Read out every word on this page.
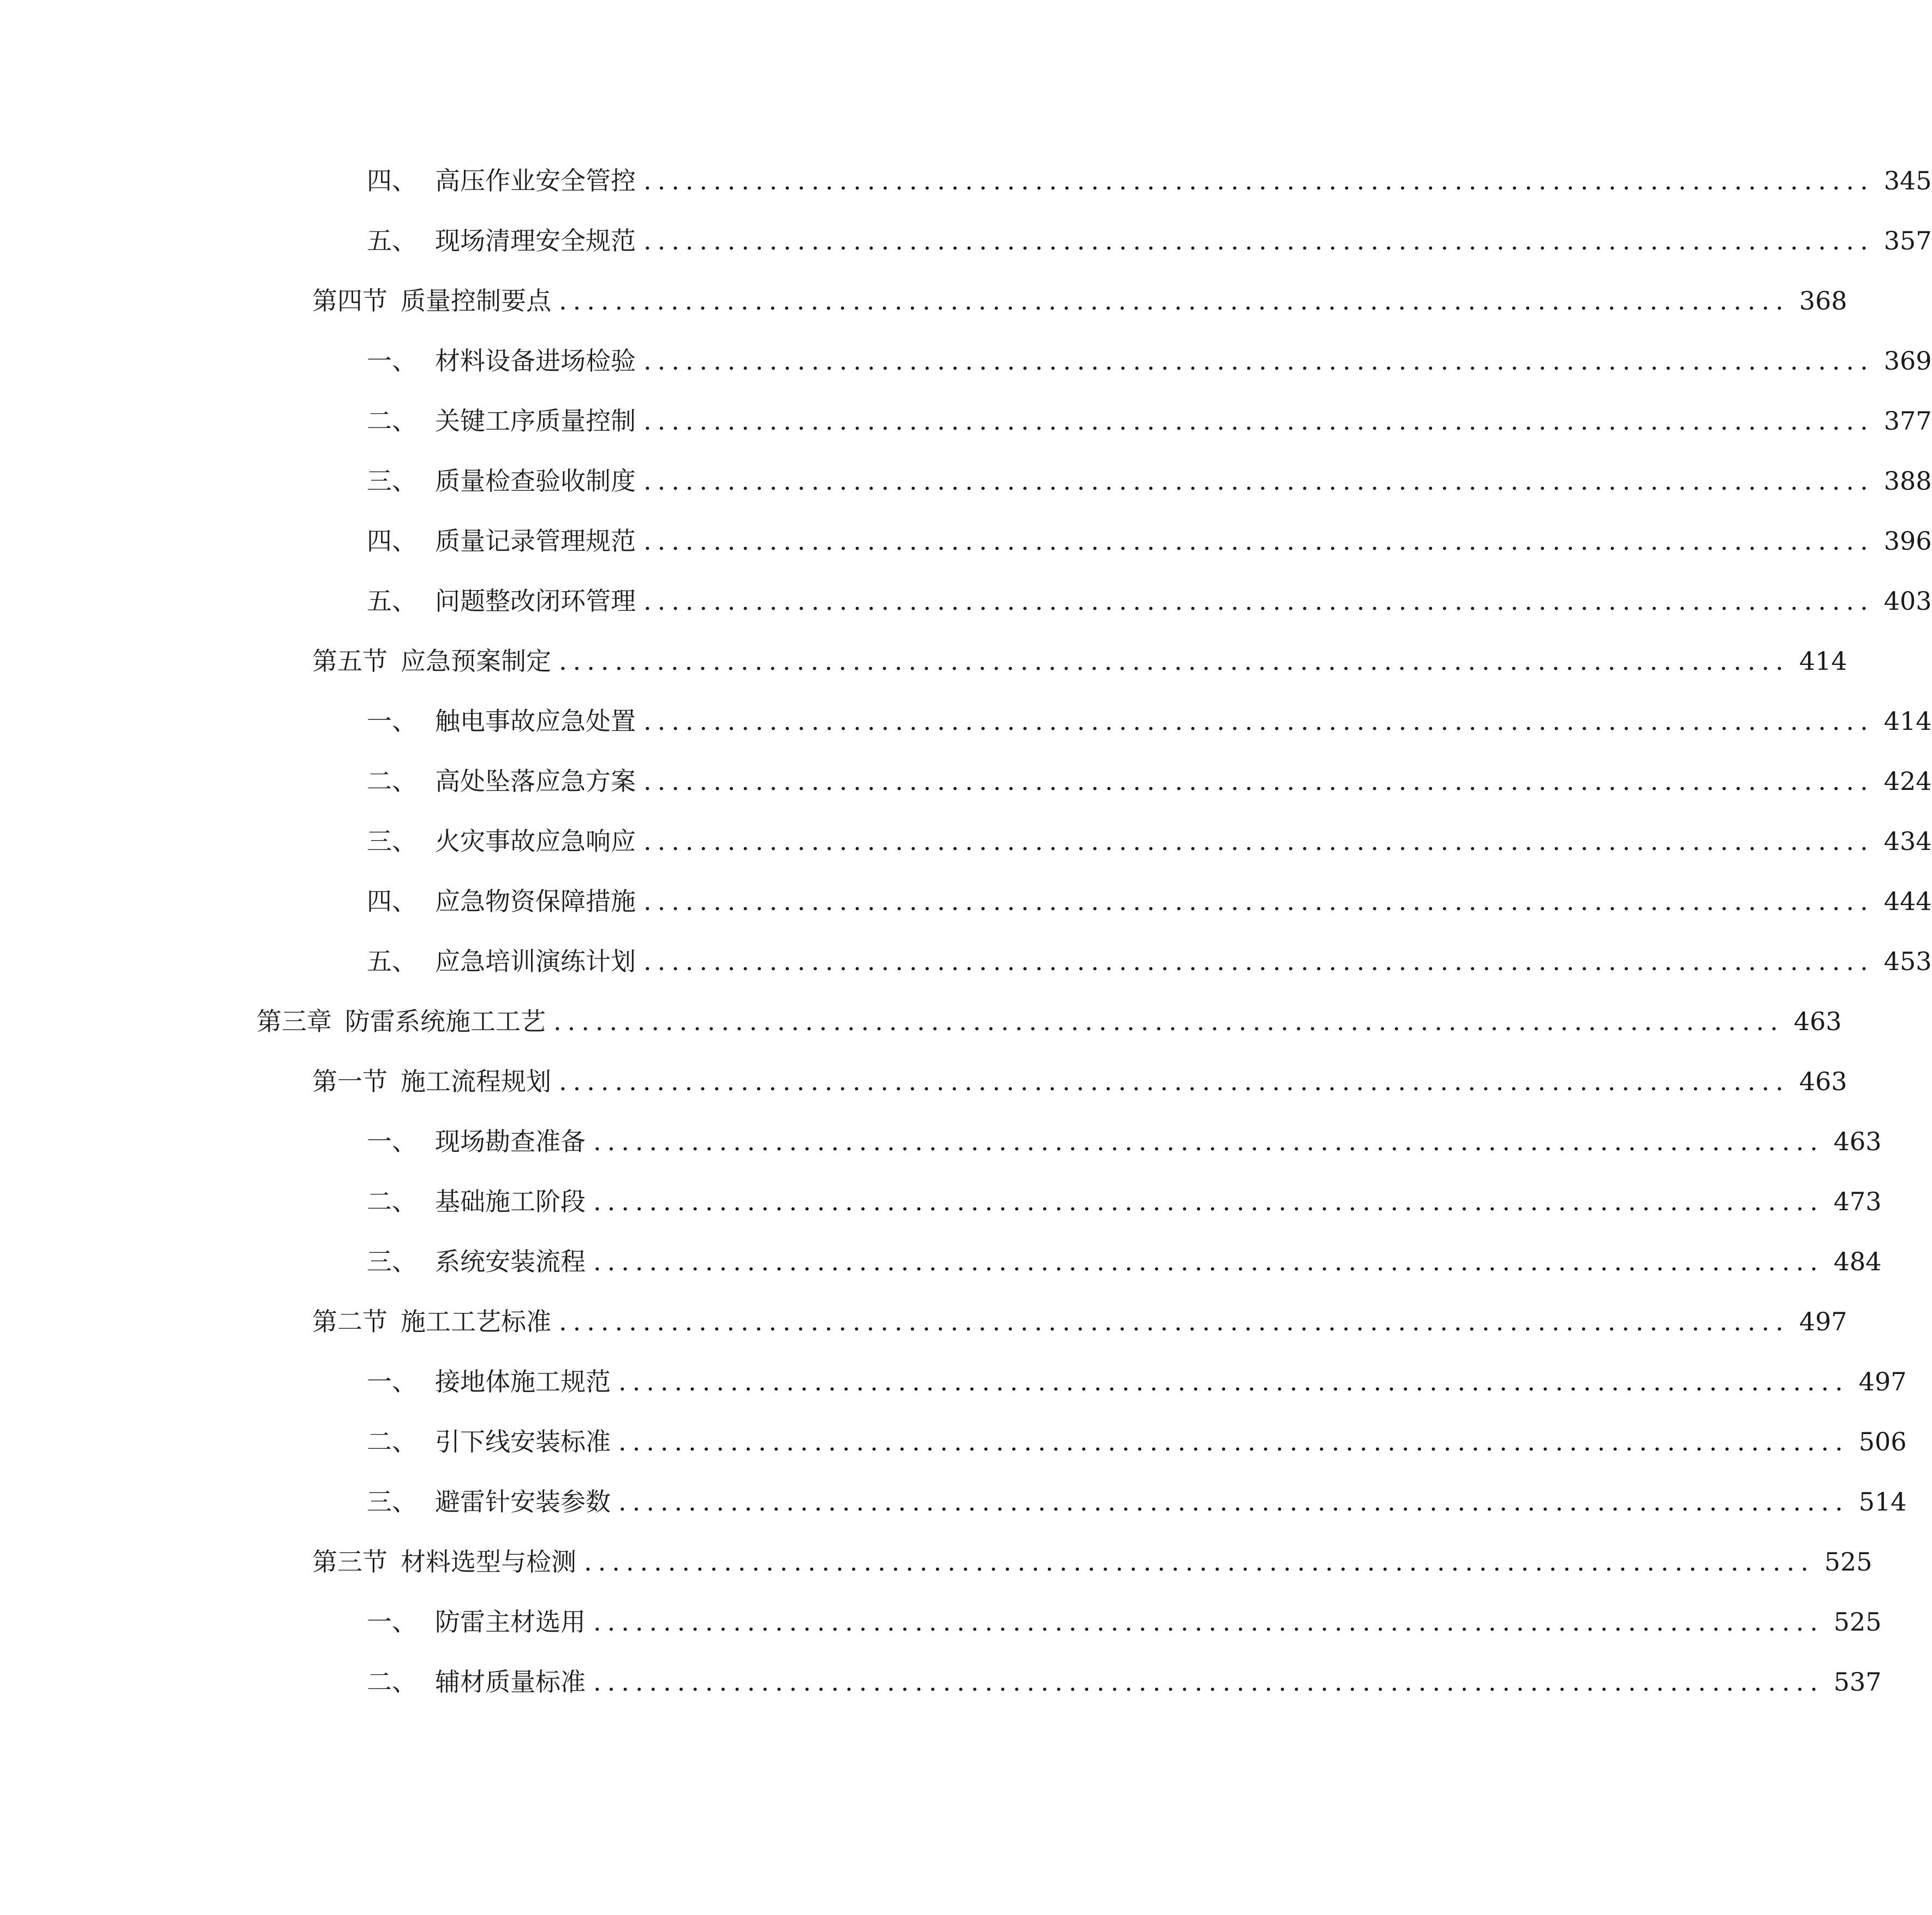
四、 高压作业安全管控 ........................................................................................ 345
五、 现场清理安全规范 ........................................................................................ 357
第四节 质量控制要点 ........................................................................................ 368
一、 材料设备进场检验 ........................................................................................ 369
二、 关键工序质量控制 ........................................................................................ 377
三、 质量检查验收制度 ........................................................................................ 388
四、 质量记录管理规范 ........................................................................................ 396
五、 问题整改闭环管理 ........................................................................................ 403
第五节 应急预案制定 ........................................................................................ 414
一、 触电事故应急处置 ........................................................................................ 414
二、 高处坠落应急方案 ........................................................................................ 424
三、 火灾事故应急响应 ........................................................................................ 434
四、 应急物资保障措施 ........................................................................................ 444
五、 应急培训演练计划 ........................................................................................ 453
第三章 防雷系统施工工艺 ........................................................................................ 463
第一节 施工流程规划 ........................................................................................ 463
一、 现场勘查准备 ........................................................................................ 463
二、 基础施工阶段 ........................................................................................ 473
三、 系统安装流程 ........................................................................................ 484
第二节 施工工艺标准 ........................................................................................ 497
一、 接地体施工规范 ........................................................................................ 497
二、 引下线安装标准 ........................................................................................ 506
三、 避雷针安装参数 ........................................................................................ 514
第三节 材料选型与检测 ........................................................................................ 525
一、 防雷主材选用 ........................................................................................ 525
二、 辅材质量标准 ........................................................................................ 537
